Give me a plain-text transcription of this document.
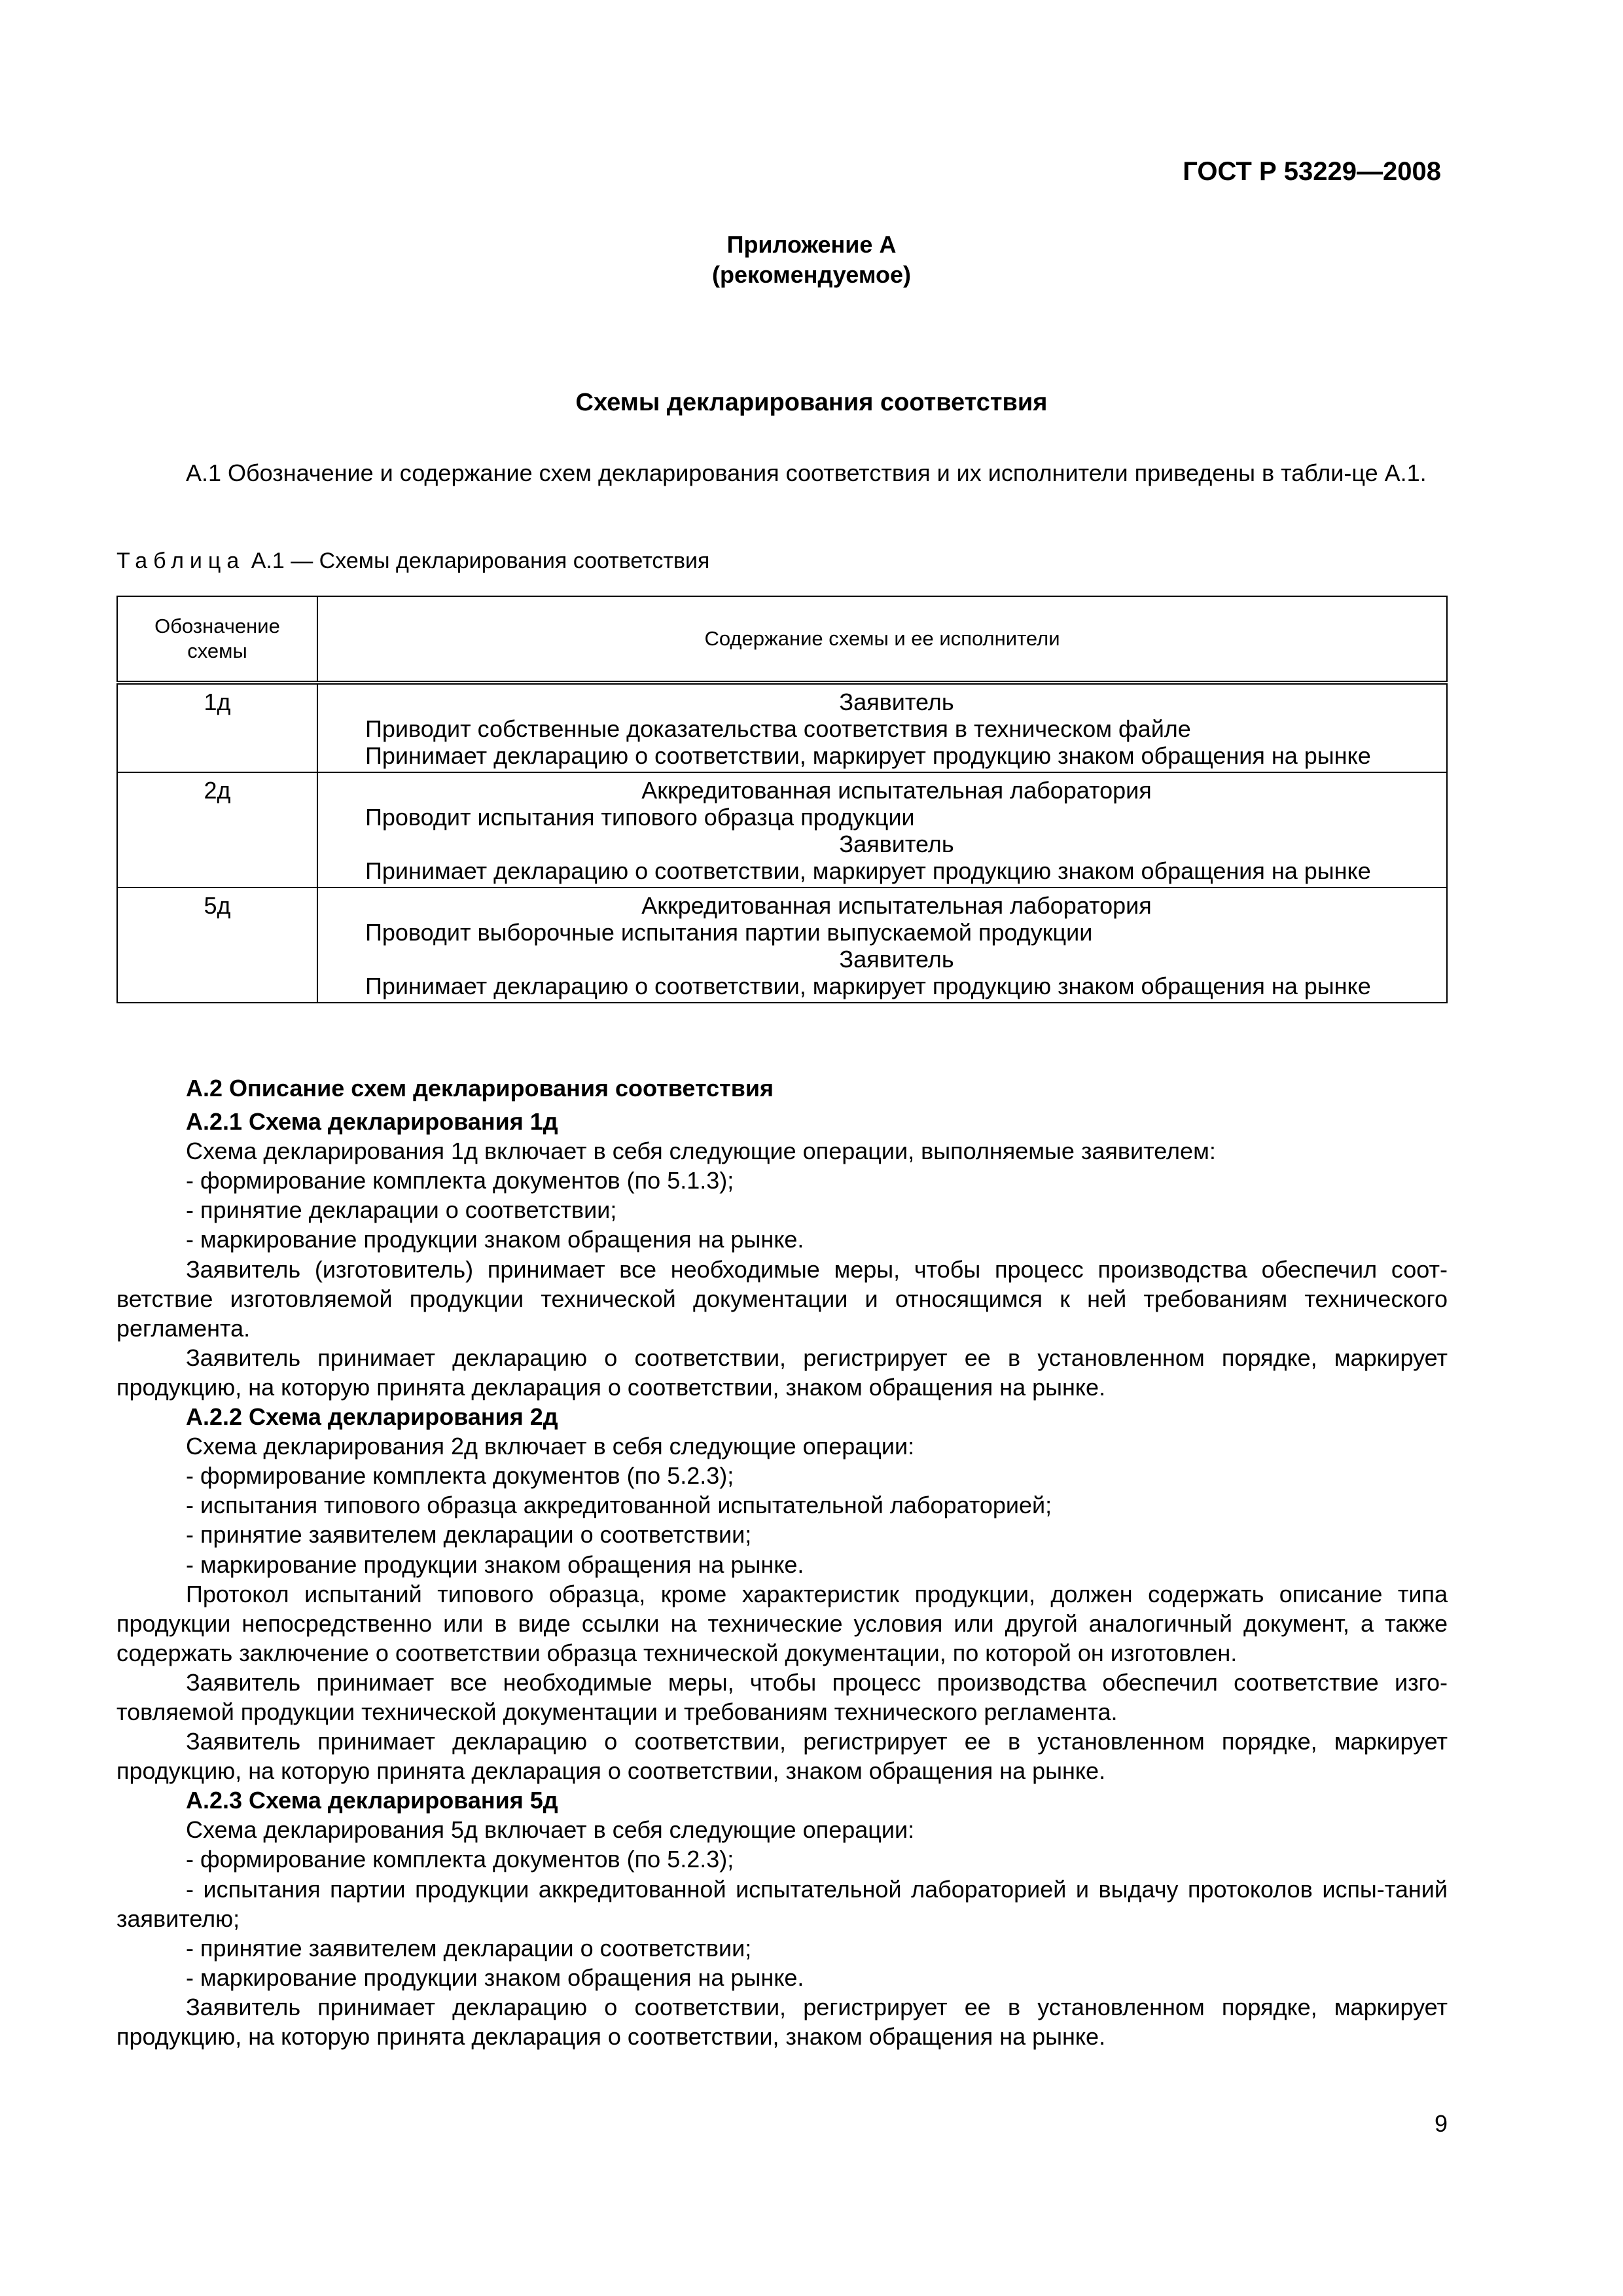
ГОСТ Р 53229—2008
Приложение А
(рекомендуемое)
Схемы декларирования соответствия
А.1 Обозначение и содержание схем декларирования соответствия и их исполнители приведены в табли-це А.1.
Таблица А.1 — Схемы декларирования соответствия
Обозначение
схемы	Содержание схемы и ее исполнители
1д	Заявитель
Приводит собственные доказательства соответствия в техническом файле
Принимает декларацию о соответствии, маркирует продукцию знаком обращения на рынке

2д	Аккредитованная испытательная лаборатория
Проводит испытания типового образца продукции
Заявитель
Принимает декларацию о соответствии, маркирует продукцию знаком обращения на рынке

5д	Аккредитованная испытательная лаборатория
Проводит выборочные испытания партии выпускаемой продукции
Заявитель
Принимает декларацию о соответствии, маркирует продукцию знаком обращения на рынке
А.2 Описание схем декларирования соответствия
А.2.1 Схема декларирования 1д
Схема декларирования 1д включает в себя следующие операции, выполняемые заявителем:
- формирование комплекта документов (по 5.1.3);
- принятие декларации о соответствии;
- маркирование продукции знаком обращения на рынке.
Заявитель (изготовитель) принимает все необходимые меры, чтобы процесс производства обеспечил соот-ветствие изготовляемой продукции технической документации и относящимся к ней требованиям технического регламента.
Заявитель принимает декларацию о соответствии, регистрирует ее в установленном порядке, маркирует продукцию, на которую принята декларация о соответствии, знаком обращения на рынке.
А.2.2 Схема декларирования 2д
Схема декларирования 2д включает в себя следующие операции:
- формирование комплекта документов (по 5.2.3);
- испытания типового образца аккредитованной испытательной лабораторией;
- принятие заявителем декларации о соответствии;
- маркирование продукции знаком обращения на рынке.
Протокол испытаний типового образца, кроме характеристик продукции, должен содержать описание типа продукции непосредственно или в виде ссылки на технические условия или другой аналогичный документ, а также содержать заключение о соответствии образца технической документации, по которой он изготовлен.
Заявитель принимает все необходимые меры, чтобы процесс производства обеспечил соответствие изго-товляемой продукции технической документации и требованиям технического регламента.
Заявитель принимает декларацию о соответствии, регистрирует ее в установленном порядке, маркирует продукцию, на которую принята декларация о соответствии, знаком обращения на рынке.
А.2.3 Схема декларирования 5д
Схема декларирования 5д включает в себя следующие операции:
- формирование комплекта документов (по 5.2.3);
- испытания партии продукции аккредитованной испытательной лабораторией и выдачу протоколов испы-таний заявителю;
- принятие заявителем декларации о соответствии;
- маркирование продукции знаком обращения на рынке.
Заявитель принимает декларацию о соответствии, регистрирует ее в установленном порядке, маркирует продукцию, на которую принята декларация о соответствии, знаком обращения на рынке.
9
